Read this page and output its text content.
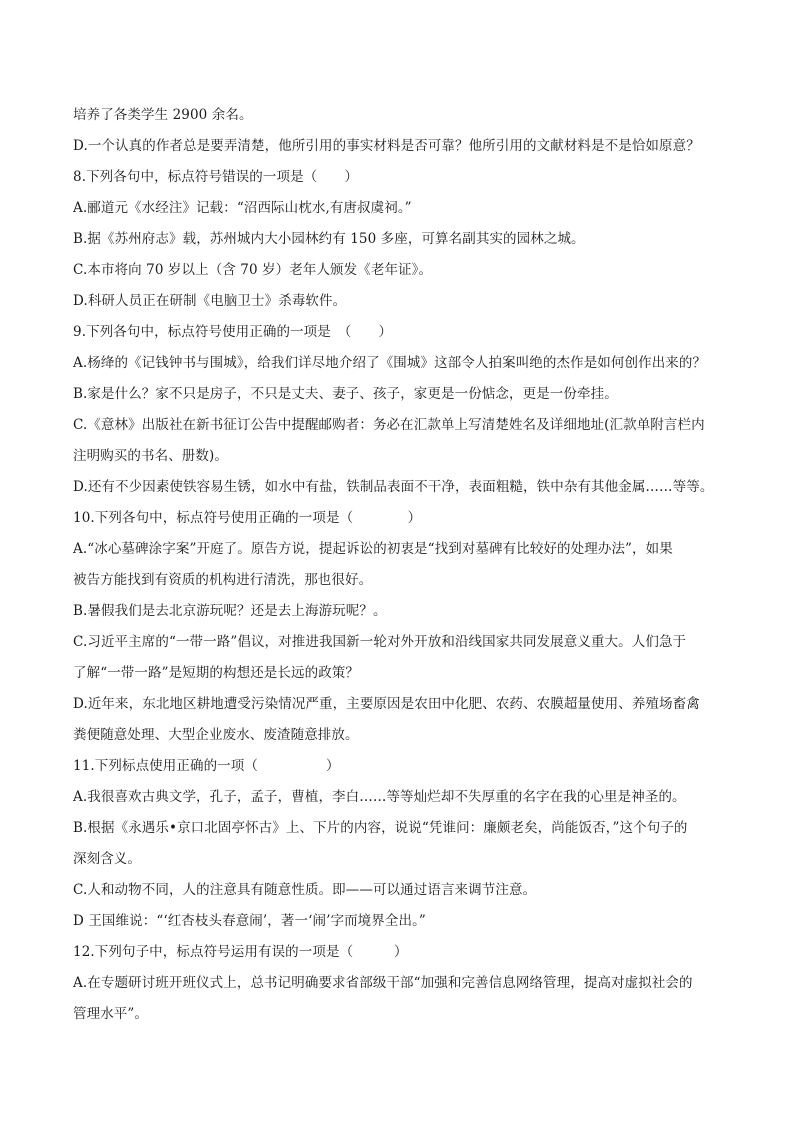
培养了各类学生 2900 余名。
D.一个认真的作者总是要弄清楚，他所引用的事实材料是否可靠？他所引用的文献材料是不是恰如原意？
8.下列各句中，标点符号错误的一项是（　　）
A.郦道元《水经注》记载：“沼西际山枕水,有唐叔虞祠。”
B.据《苏州府志》载，苏州城内大小园林约有 150 多座，可算名副其实的园林之城。
C.本市将向 70 岁以上（含 70 岁）老年人颁发《老年证》。
D.科研人员正在研制《电脑卫士》杀毒软件。
9.下列各句中，标点符号使用正确的一项是　（　　）
A.杨绛的《记钱钟书与围城》，给我们详尽地介绍了《围城》这部令人拍案叫绝的杰作是如何创作出来的？
B.家是什么？家不只是房子，不只是丈夫、妻子、孩子，家更是一份惦念，更是一份牵挂。
C.《意林》出版社在新书征订公告中提醒邮购者：务必在汇款单上写清楚姓名及详细地址(汇款单附言栏内
注明购买的书名、册数)。
D.还有不少因素使铁容易生锈，如水中有盐，铁制品表面不干净，表面粗糙，铁中杂有其他金属……等等。
10.下列各句中，标点符号使用正确的一项是（　　　　）
A.“冰心墓碑涂字案”开庭了。原告方说，提起诉讼的初衷是“找到对墓碑有比较好的处理办法”，如果
被告方能找到有资质的机构进行清洗，那也很好。
B.暑假我们是去北京游玩呢？还是去上海游玩呢？。
C.习近平主席的“一带一路”倡议，对推进我国新一轮对外开放和沿线国家共同发展意义重大。人们急于
了解“一带一路”是短期的构想还是长远的政策？
D.近年来，东北地区耕地遭受污染情况严重，主要原因是农田中化肥、农药、农膜超量使用、养殖场畜禽
粪便随意处理、大型企业废水、废渣随意排放。
11.下列标点使用正确的一项（　　　　　）
A.我很喜欢古典文学，孔子，孟子，曹植，李白……等等灿烂却不失厚重的名字在我的心里是神圣的。
B.根据《永遇乐•京口北固亭怀古》上、下片的内容，说说“凭谁问：廉颇老矣，尚能饭否，”这个句子的
深刻含义。
C.人和动物不同，人的注意具有随意性质。即——可以通过语言来调节注意。
D 王国维说：“‘红杏枝头春意闹’，著一‘闹’字而境界全出。”
12.下列句子中，标点符号运用有误的一项是（　　　）
A.在专题研讨班开班仪式上，总书记明确要求省部级干部“加强和完善信息网络管理，提高对虚拟社会的
管理水平”。
